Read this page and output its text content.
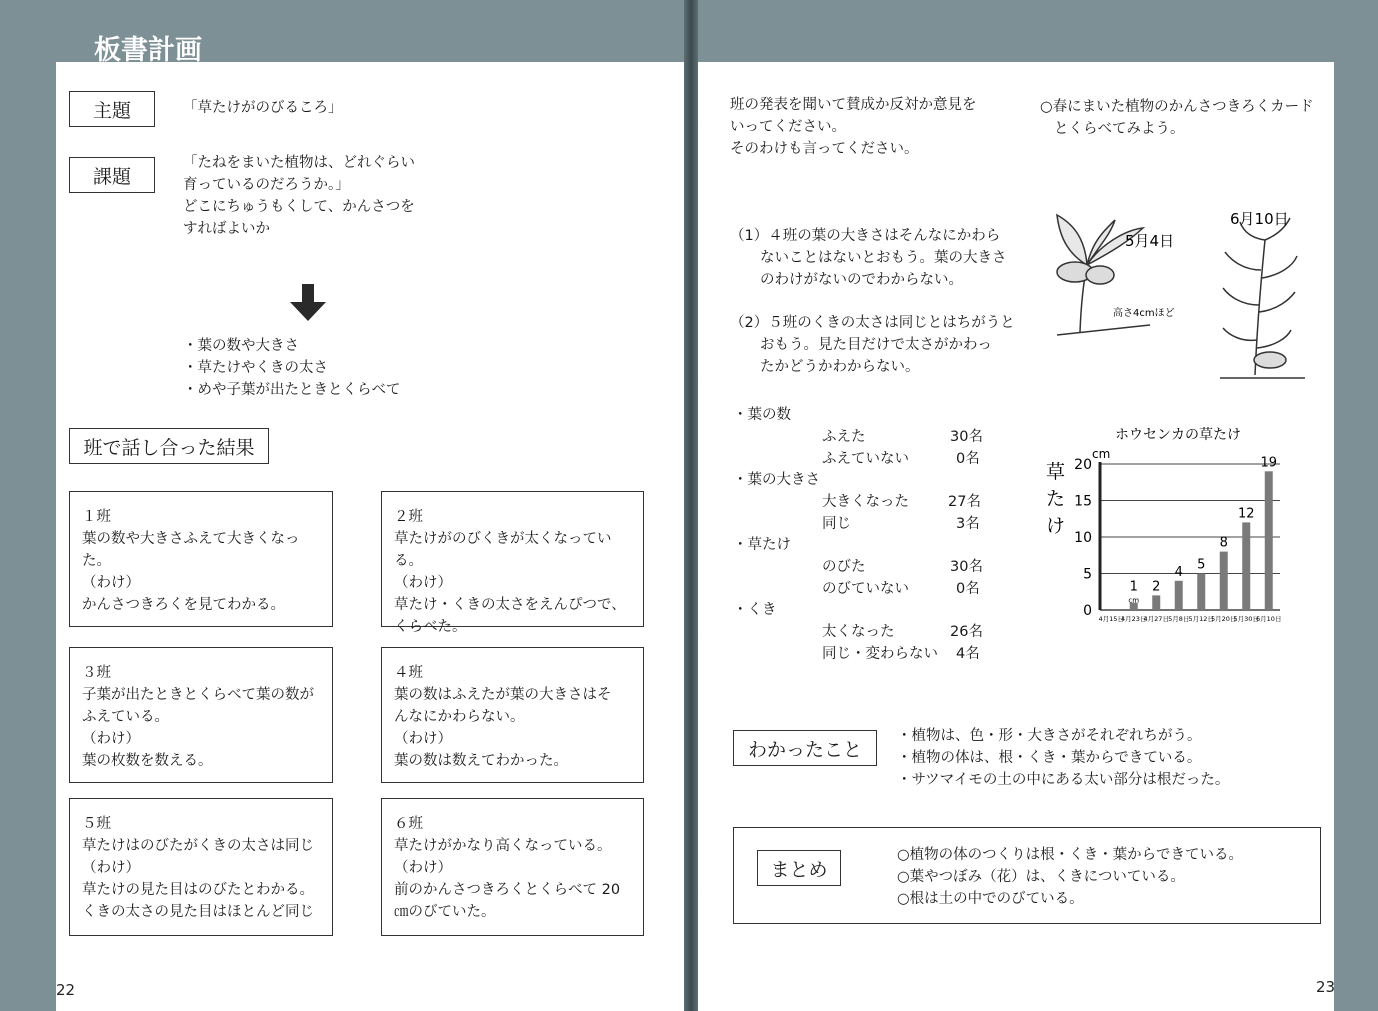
板書計画
主題	「草たけがのびるころ」
課題
「たねをまいた植物は、どれぐらい
育っているのだろうか。」
どこにちゅうもくして、かんさつを
すればよいか
・葉の数や大きさ
・草たけやくきの太さ
・めや子葉が出たときとくらべて
班で話し合った結果
１班
葉の数や大きさふえて大きくなっ
た。
（わけ）
かんさつきろくを見てわかる。
２班
草たけがのびくきが太くなっている。
（わけ）
草たけ・くきの太さをえんぴつで、
くらべた。
３班
子葉が出たときとくらべて葉の数が
ふえている。
（わけ）
葉の枚数を数える。
４班
葉の数はふえたが葉の大きさはそ
んなにかわらない。
（わけ）
葉の数は数えてわかった。
５班
草たけはのびたがくきの太さは同じ
（わけ）
草たけの見た目はのびたとわかる。
くきの太さの見た目はほとんど同じ
６班
草たけがかなり高くなっている。
（わけ）
前のかんさつきろくとくらべて 20
㎝のびていた。
22
班の発表を聞いて賛成か反対か意見を
いってください。
そのわけも言ってください。
○春にまいた植物のかんさつきろくカード
とくらべてみよう。
（1）４班の葉の大きさはそんなにかわら
ないことはないとおもう。葉の大きさ
のわけがないのでわからない。
（2）５班のくきの太さは同じとはちがうと
おもう。見た目だけで太さがかわっ
たかどうかわからない。
5月4日
高さ4cmほど
6月10日
・葉の数
ふえた	30名
ふえていない	0名
・葉の大きさ
大きくなった	27名
同じ	3名
・草たけ
のびた	30名
のびていない	0名
・くき
太くなった	26名
同じ・変わらない 4名
ホウセンカの草たけ
cm
草 た け
0
5
10
15
20
4月15日
4月23日
4月27日 5月8日 5月12日
5月20日
5月30日
6月10日
1
cm
2
4 5
8
12
19
わかったこと
・植物は、色・形・大きさがそれぞれちがう。
・植物の体は、根・くき・葉からできている。
・サツマイモの土の中にある太い部分は根だった。
まとめ
○植物の体のつくりは根・くき・葉からできている。
○葉やつぼみ（花）は、くきについている。
○根は土の中でのびている。
23
